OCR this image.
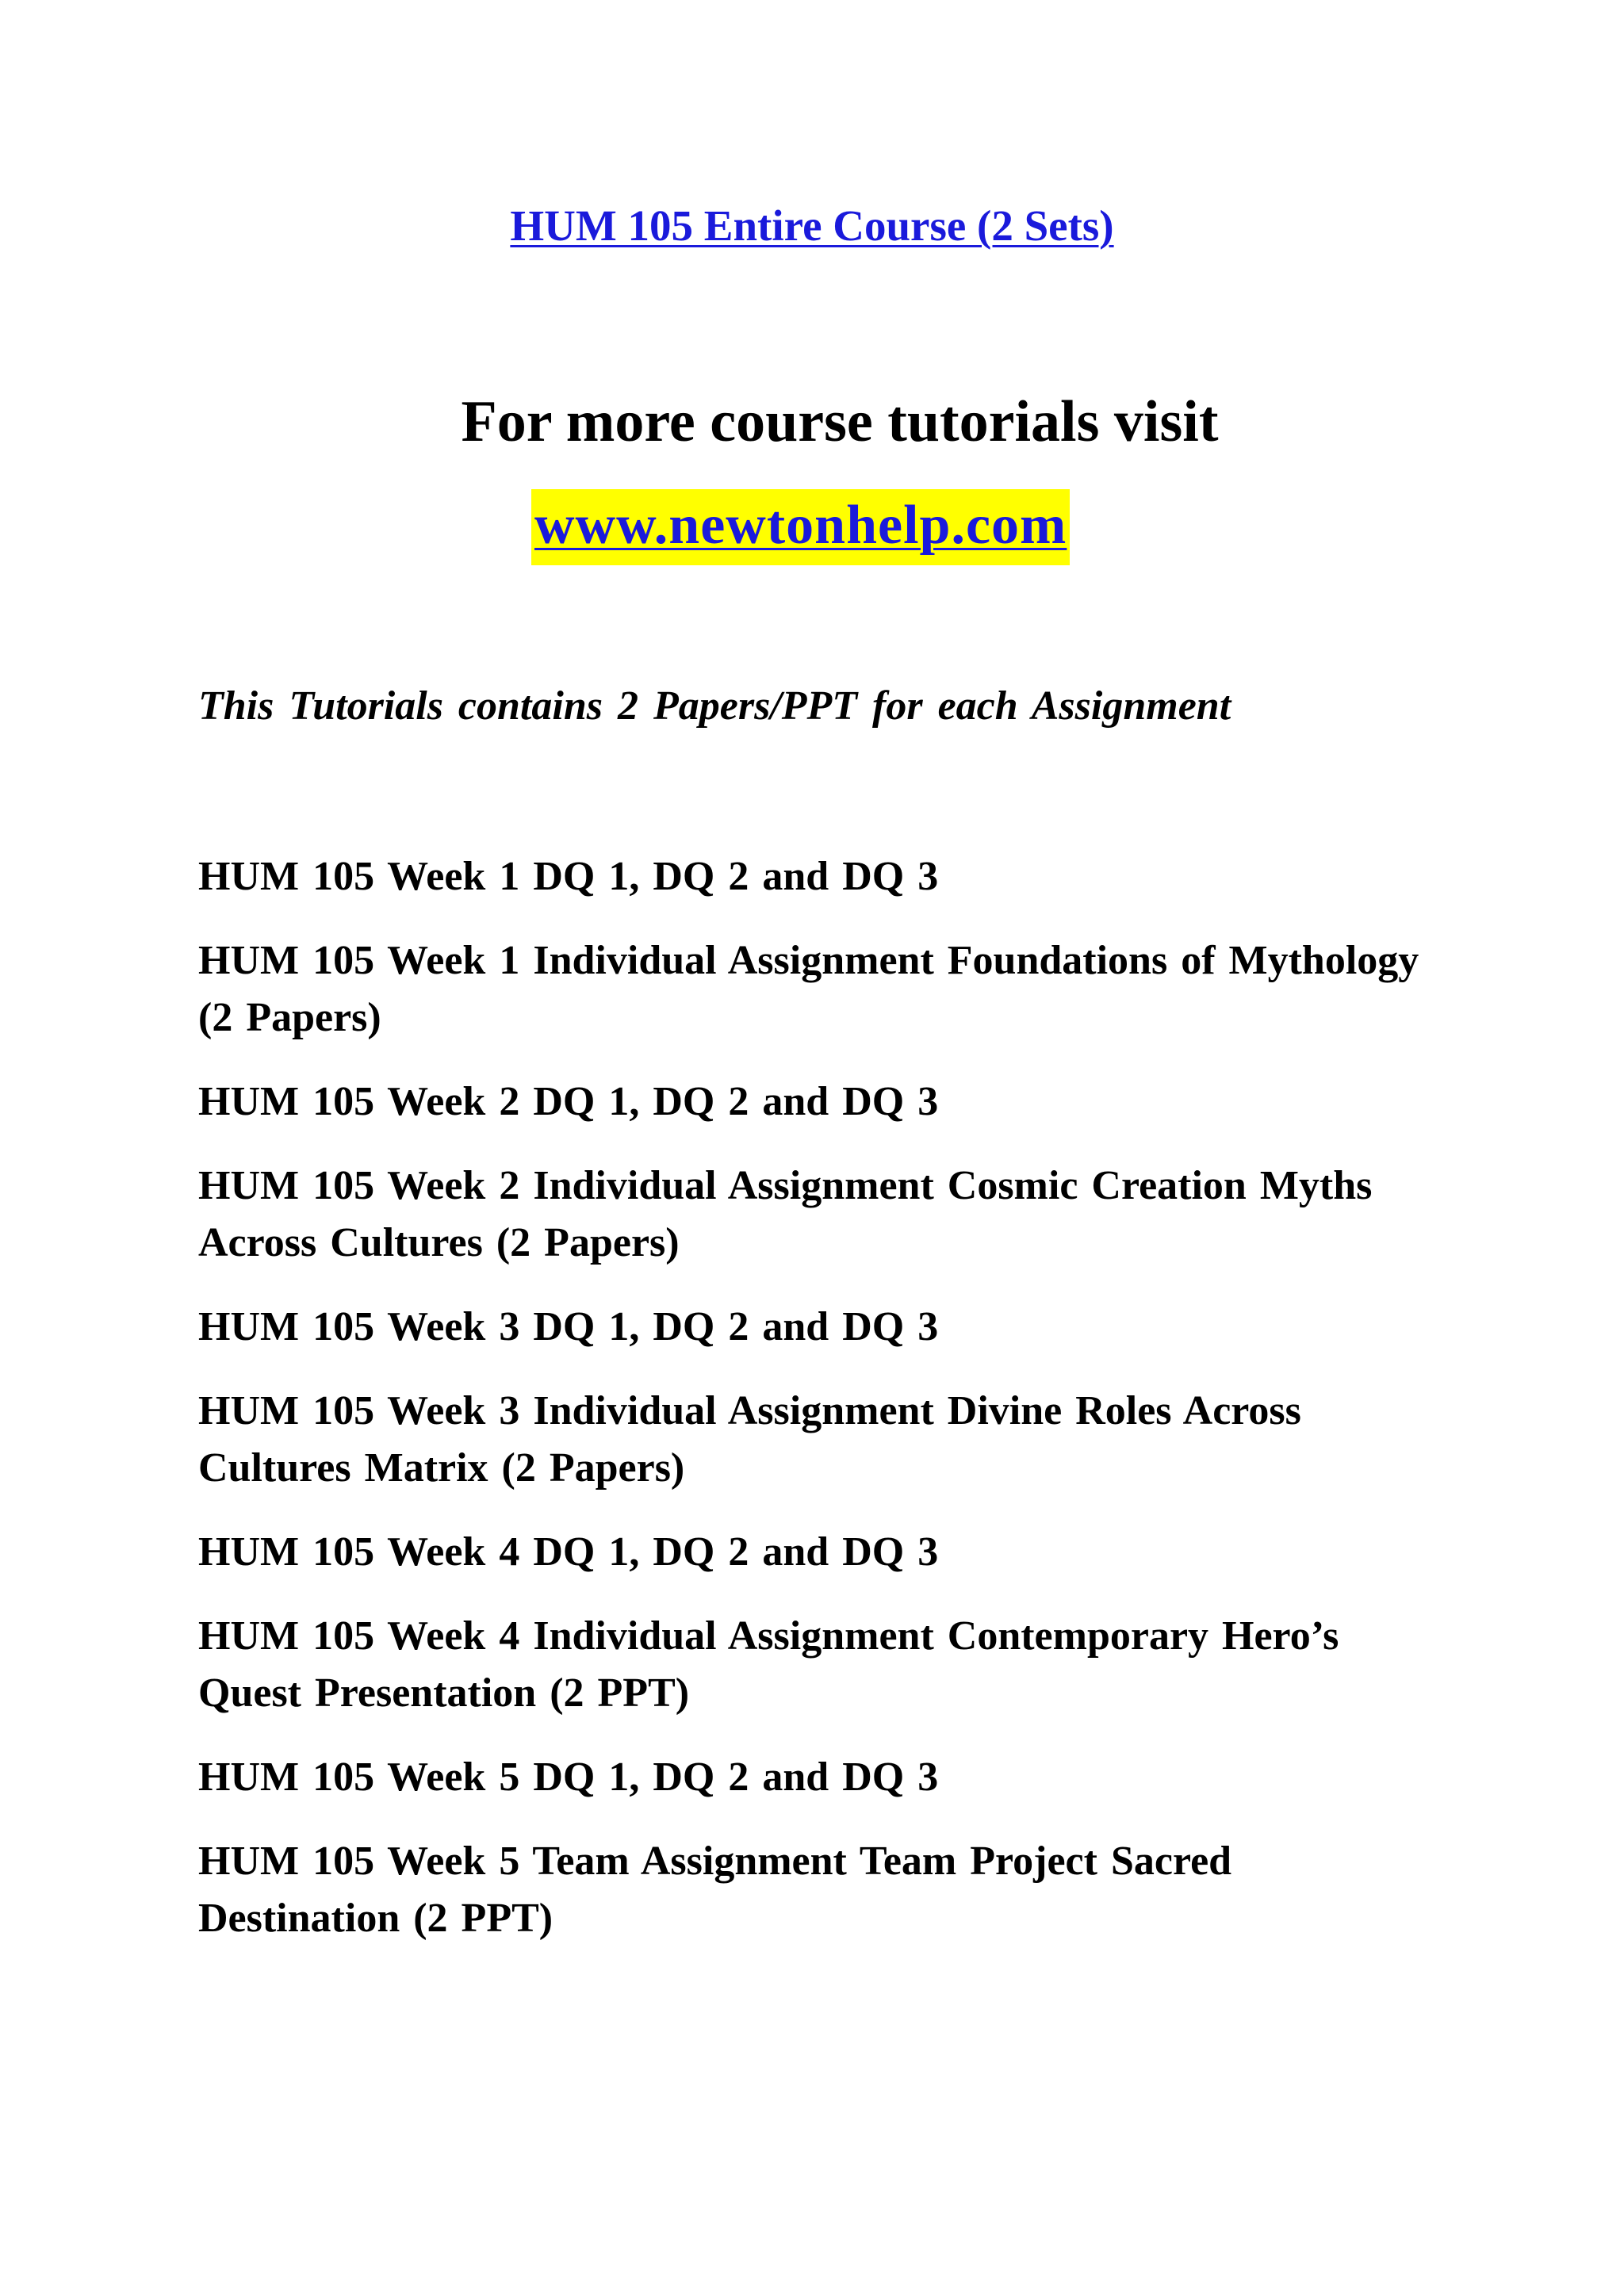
HUM 105 Entire Course (2 Sets)
For more course tutorials visit
www.newtonhelp.com
This Tutorials contains 2 Papers/PPT for each Assignment
HUM 105 Week 1 DQ 1, DQ 2 and DQ 3
HUM 105 Week 1 Individual Assignment Foundations of Mythology (2 Papers)
HUM 105 Week 2 DQ 1, DQ 2 and DQ 3
HUM 105 Week 2 Individual Assignment Cosmic Creation Myths Across Cultures (2 Papers)
HUM 105 Week 3 DQ 1, DQ 2 and DQ 3
HUM 105 Week 3 Individual Assignment Divine Roles Across Cultures Matrix (2 Papers)
HUM 105 Week 4 DQ 1, DQ 2 and DQ 3
HUM 105 Week 4 Individual Assignment Contemporary Hero’s Quest Presentation (2 PPT)
HUM 105 Week 5 DQ 1, DQ 2 and DQ 3
HUM 105 Week 5 Team Assignment Team Project Sacred Destination (2 PPT)
